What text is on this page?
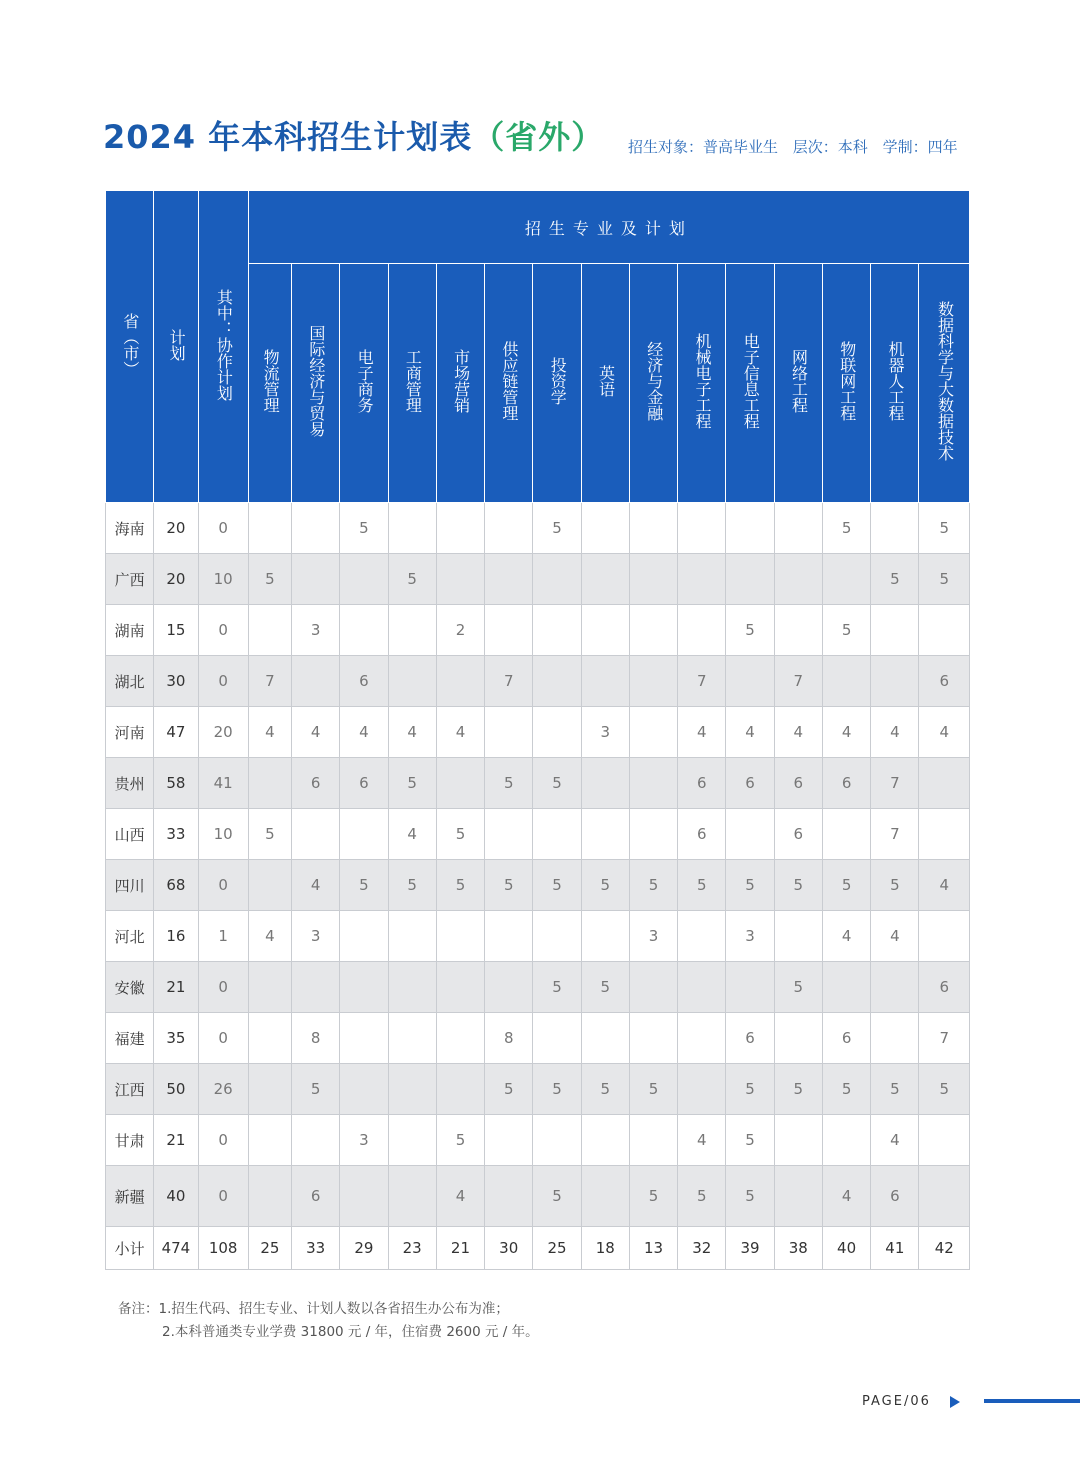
2024 年本科招生计划表（省外） 招生对象：普高毕业生 层次：本科 学制：四年
省（市）	计划	其中：协作计划	招生专业及计划														
			物流管理	国际经济与贸易	电子商务	工商管理	市场营销	供应链管理	投资学	英语	经济与金融	机械电子工程	电子信息工程	网络工程	物联网工程	机器人工程	数据科学与大数据技术
海南	20	0			5				5						5		5
广西	20	10	5			5										5	5
湖南	15	0		3			2						5		5		
湖北	30	0	7		6			7				7		7			6
河南	47	20	4	4	4	4	4			3		4	4	4	4	4	4
贵州	58	41		6	6	5		5	5			6	6	6	6	7	
山西	33	10	5			4	5					6		6		7	
四川	68	0		4	5	5	5	5	5	5	5	5	5	5	5	5	4
河北	16	1	4	3							3		3		4	4	
安徽	21	0							5	5				5			6
福建	35	0		8				8					6		6		7
江西	50	26		5				5	5	5	5		5	5	5	5	5
甘肃	21	0			3		5					4	5			4	
新疆	40	0		6			4		5		5	5	5		4	6	
小计	474	108	25	33	29	23	21	30	25	18	13	32	39	38	40	41	42
备注：1.招生代码、招生专业、计划人数以各省招生办公布为准；
2.本科普通类专业学费 31800 元 / 年，住宿费 2600 元 / 年。
PAGE/06
